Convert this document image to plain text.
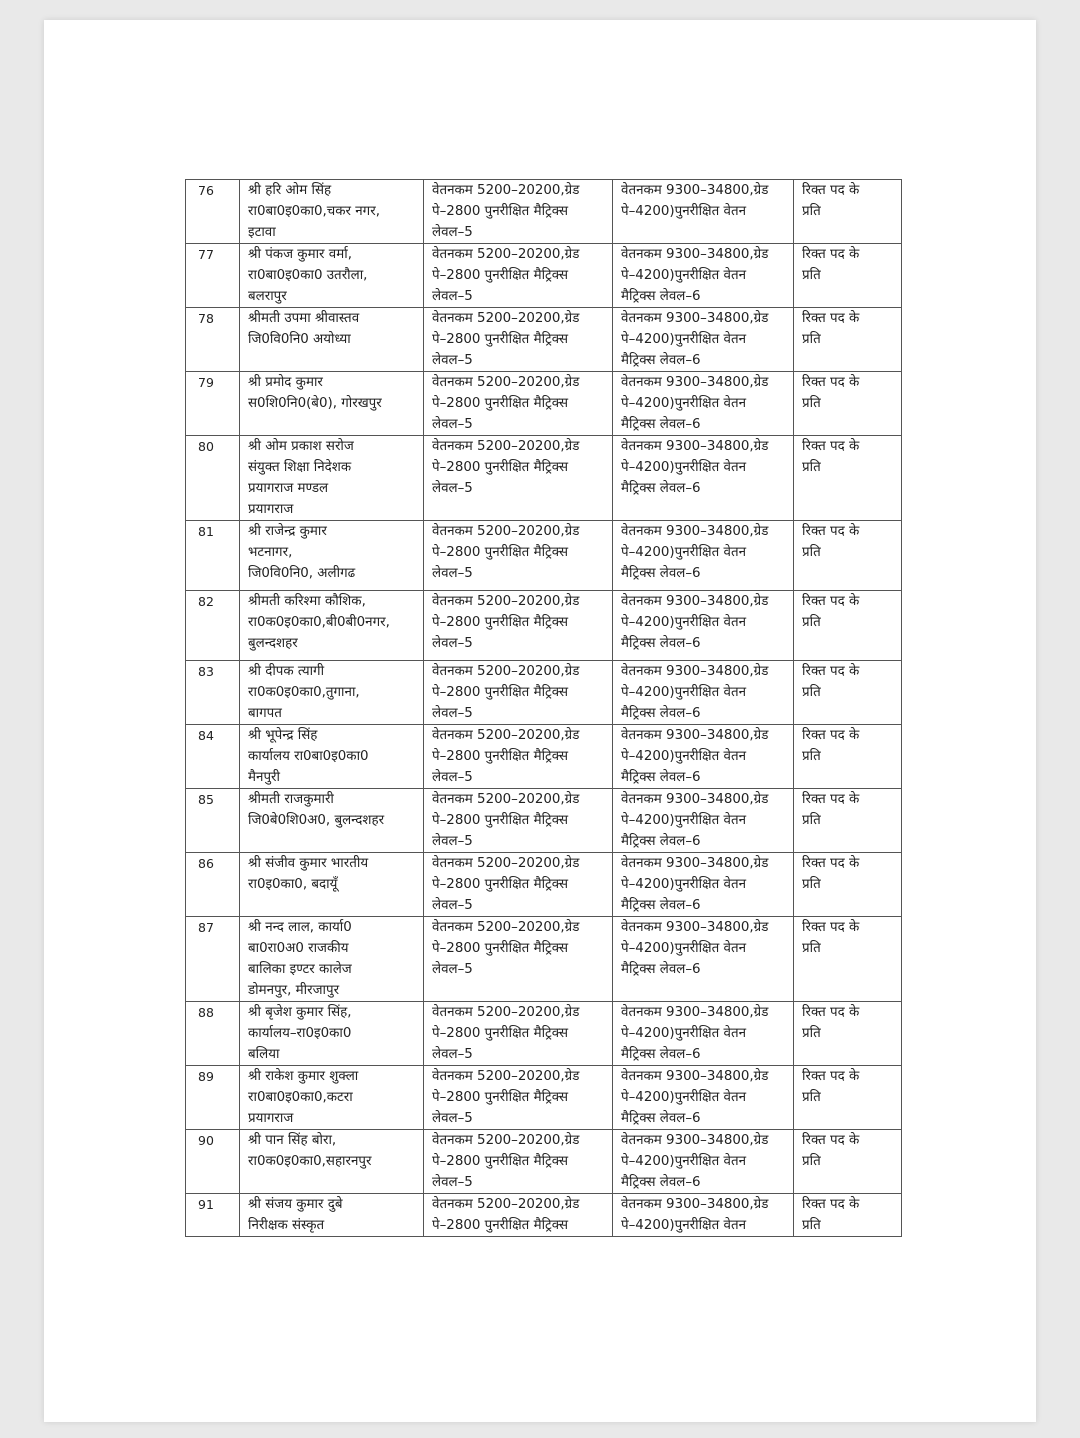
76	श्री हरि ओम सिंह
रा0बा0इ0का0,चकर नगर,
इटावा	वेतनकम 5200–20200,ग्रेड
पे–2800 पुनरीक्षित मैट्रिक्स
लेवल–5	वेतनकम 9300–34800,ग्रेड
पे–4200)पुनरीक्षित वेतन	रिक्त पद के
प्रति

77	श्री पंकज कुमार वर्मा,
रा0बा0इ0का0 उतरौला,
बलरापुर	वेतनकम 5200–20200,ग्रेड
पे–2800 पुनरीक्षित मैट्रिक्स
लेवल–5	वेतनकम 9300–34800,ग्रेड
पे–4200)पुनरीक्षित वेतन
मैट्रिक्स लेवल–6	रिक्त पद के
प्रति

78	श्रीमती उपमा श्रीवास्तव
जि0वि0नि0 अयोध्या	वेतनकम 5200–20200,ग्रेड
पे–2800 पुनरीक्षित मैट्रिक्स
लेवल–5	वेतनकम 9300–34800,ग्रेड
पे–4200)पुनरीक्षित वेतन
मैट्रिक्स लेवल–6	रिक्त पद के
प्रति

79	श्री प्रमोद कुमार
स0शि0नि0(बे0), गोरखपुर	वेतनकम 5200–20200,ग्रेड
पे–2800 पुनरीक्षित मैट्रिक्स
लेवल–5	वेतनकम 9300–34800,ग्रेड
पे–4200)पुनरीक्षित वेतन
मैट्रिक्स लेवल–6	रिक्त पद के
प्रति

80	श्री ओम प्रकाश सरोज
संयुक्त शिक्षा निदेशक
प्रयागराज मण्डल
प्रयागराज	वेतनकम 5200–20200,ग्रेड
पे–2800 पुनरीक्षित मैट्रिक्स
लेवल–5	वेतनकम 9300–34800,ग्रेड
पे–4200)पुनरीक्षित वेतन
मैट्रिक्स लेवल–6	रिक्त पद के
प्रति

81	श्री राजेन्द्र कुमार
भटनागर,
जि0वि0नि0, अलीगढ	वेतनकम 5200–20200,ग्रेड
पे–2800 पुनरीक्षित मैट्रिक्स
लेवल–5	वेतनकम 9300–34800,ग्रेड
पे–4200)पुनरीक्षित वेतन
मैट्रिक्स लेवल–6	रिक्त पद के
प्रति

82	श्रीमती करिश्मा कौशिक,
रा0क0इ0का0,बी0बी0नगर,
बुलन्दशहर	वेतनकम 5200–20200,ग्रेड
पे–2800 पुनरीक्षित मैट्रिक्स
लेवल–5	वेतनकम 9300–34800,ग्रेड
पे–4200)पुनरीक्षित वेतन
मैट्रिक्स लेवल–6	रिक्त पद के
प्रति

83	श्री दीपक त्यागी
रा0क0इ0का0,तुगाना,
बागपत	वेतनकम 5200–20200,ग्रेड
पे–2800 पुनरीक्षित मैट्रिक्स
लेवल–5	वेतनकम 9300–34800,ग्रेड
पे–4200)पुनरीक्षित वेतन
मैट्रिक्स लेवल–6	रिक्त पद के
प्रति

84	श्री भूपेन्द्र सिंह
कार्यालय रा0बा0इ0का0
मैनपुरी	वेतनकम 5200–20200,ग्रेड
पे–2800 पुनरीक्षित मैट्रिक्स
लेवल–5	वेतनकम 9300–34800,ग्रेड
पे–4200)पुनरीक्षित वेतन
मैट्रिक्स लेवल–6	रिक्त पद के
प्रति

85	श्रीमती राजकुमारी
जि0बे0शि0अ0, बुलन्दशहर	वेतनकम 5200–20200,ग्रेड
पे–2800 पुनरीक्षित मैट्रिक्स
लेवल–5	वेतनकम 9300–34800,ग्रेड
पे–4200)पुनरीक्षित वेतन
मैट्रिक्स लेवल–6	रिक्त पद के
प्रति

86	श्री संजीव कुमार भारतीय
रा0इ0का0, बदायूँ	वेतनकम 5200–20200,ग्रेड
पे–2800 पुनरीक्षित मैट्रिक्स
लेवल–5	वेतनकम 9300–34800,ग्रेड
पे–4200)पुनरीक्षित वेतन
मैट्रिक्स लेवल–6	रिक्त पद के
प्रति

87	श्री नन्द लाल, कार्या0
बा0रा0अ0 राजकीय
बालिका इण्टर कालेज
डोमनपुर, मीरजापुर	वेतनकम 5200–20200,ग्रेड
पे–2800 पुनरीक्षित मैट्रिक्स
लेवल–5	वेतनकम 9300–34800,ग्रेड
पे–4200)पुनरीक्षित वेतन
मैट्रिक्स लेवल–6	रिक्त पद के
प्रति

88	श्री बृजेश कुमार सिंह,
कार्यालय–रा0इ0का0
बलिया	वेतनकम 5200–20200,ग्रेड
पे–2800 पुनरीक्षित मैट्रिक्स
लेवल–5	वेतनकम 9300–34800,ग्रेड
पे–4200)पुनरीक्षित वेतन
मैट्रिक्स लेवल–6	रिक्त पद के
प्रति

89	श्री राकेश कुमार शुक्ला
रा0बा0इ0का0,कटरा
प्रयागराज	वेतनकम 5200–20200,ग्रेड
पे–2800 पुनरीक्षित मैट्रिक्स
लेवल–5	वेतनकम 9300–34800,ग्रेड
पे–4200)पुनरीक्षित वेतन
मैट्रिक्स लेवल–6	रिक्त पद के
प्रति

90	श्री पान सिंह बोरा,
रा0क0इ0का0,सहारनपुर	वेतनकम 5200–20200,ग्रेड
पे–2800 पुनरीक्षित मैट्रिक्स
लेवल–5	वेतनकम 9300–34800,ग्रेड
पे–4200)पुनरीक्षित वेतन
मैट्रिक्स लेवल–6	रिक्त पद के
प्रति

91	श्री संजय कुमार दुबे
निरीक्षक संस्कृत	वेतनकम 5200–20200,ग्रेड
पे–2800 पुनरीक्षित मैट्रिक्स	वेतनकम 9300–34800,ग्रेड
पे–4200)पुनरीक्षित वेतन	रिक्त पद के
प्रति
